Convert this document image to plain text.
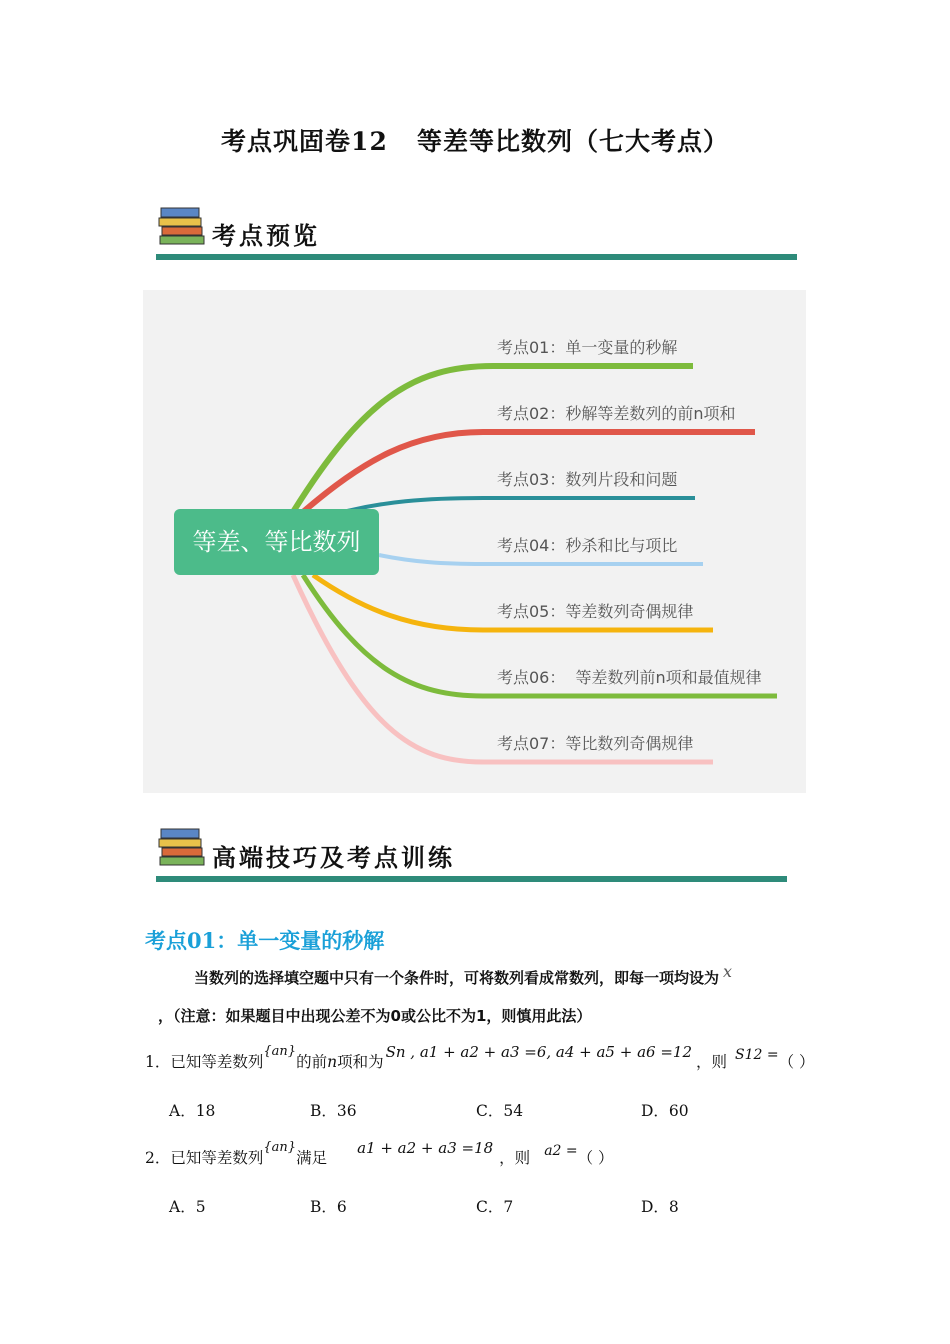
考点巩固卷12   等差等比数列（七大考点）
考点预览
等差、等比数列
考点01：单一变量的秒解
考点02：秒解等差数列的前n项和
考点03：数列片段和问题
考点04：秒杀和比与项比
考点05：等差数列奇偶规律
考点06：  等差数列前n项和最值规律
考点07：等比数列奇偶规律
高端技巧及考点训练
考点01：单一变量的秒解
当数列的选择填空题中只有一个条件时，可将数列看成常数列，即每一项均设为 x
，（注意：如果题目中出现公差不为0或公比不为1，则慎用此法）
1．已知等差数列$^{\{an\}}$的前n项和为Sn , a1 + a2 + a3 =6, a4 + a5 + a6 =12，则 S12 =（ ）
A．18	B．36	C．54	D．60
2．已知等差数列$^{\{an\}}$满足a1 + a2 + a3 =18，则 a2 =（ ）
A．5	B．6	C．7	D．8
